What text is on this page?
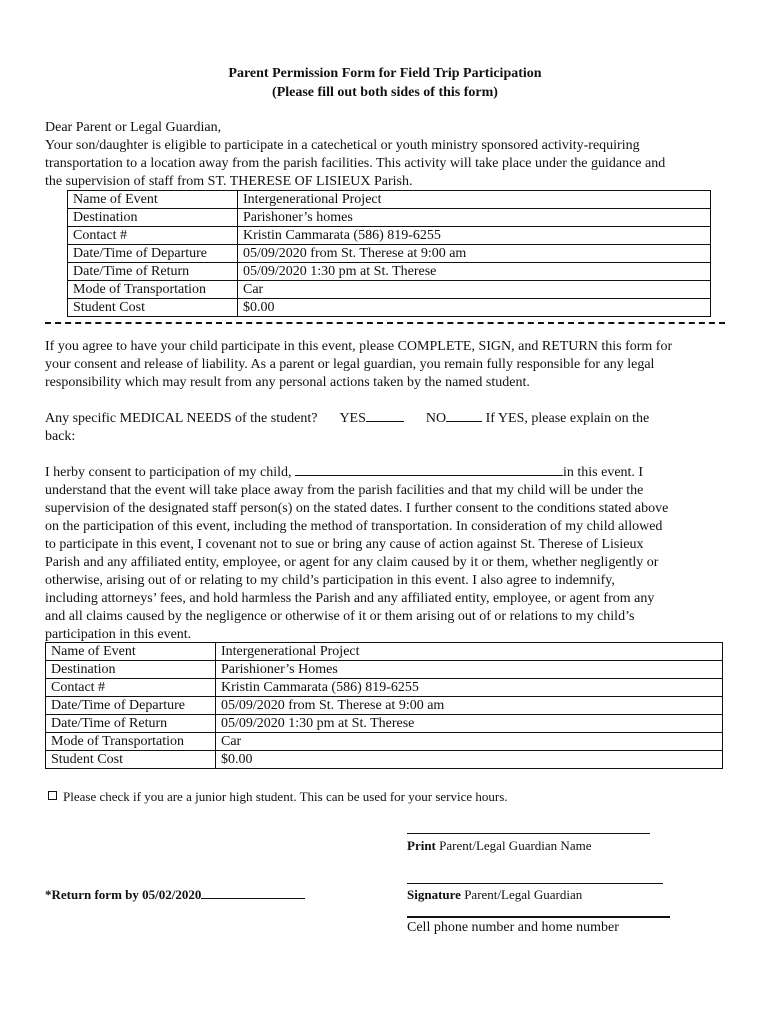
Parent Permission Form for Field Trip Participation
(Please fill out both sides of this form)
Dear Parent or Legal Guardian,
Your son/daughter is eligible to participate in a catechetical or youth ministry sponsored activity-requiring
transportation to a location away from the parish facilities. This activity will take place under the guidance and
the supervision of staff from ST. THERESE OF LISIEUX Parish.
Name of Event	Intergenerational Project
Destination	Parishoner’s homes
Contact #	Kristin Cammarata (586) 819-6255
Date/Time of Departure	05/09/2020 from St. Therese at 9:00 am
Date/Time of Return	05/09/2020 1:30 pm at St. Therese
Mode of Transportation	Car
Student Cost	$0.00
If you agree to have your child participate in this event, please COMPLETE, SIGN, and RETURN this form for
your consent and release of liability. As a parent or legal guardian, you remain fully responsible for any legal
responsibility which may result from any personal actions taken by the named student.
Any specific MEDICAL NEEDS of the student? YES	NO	If YES, please explain on the
back:
I herby consent to participation of my child,	in this event. I
understand that the event will take place away from the parish facilities and that my child will be under the
supervision of the designated staff person(s) on the stated dates. I further consent to the conditions stated above
on the participation of this event, including the method of transportation. In consideration of my child allowed
to participate in this event, I covenant not to sue or bring any cause of action against St. Therese of Lisieux
Parish and any affiliated entity, employee, or agent for any claim caused by it or them, whether negligently or
otherwise, arising out of or relating to my child’s participation in this event. I also agree to indemnify,
including attorneys’ fees, and hold harmless the Parish and any affiliated entity, employee, or agent from any
and all claims caused by the negligence or otherwise of it or them arising out of or relations to my child’s
participation in this event.
Name of Event	Intergenerational Project
Destination	Parishioner’s Homes
Contact #	Kristin Cammarata (586) 819-6255
Date/Time of Departure	05/09/2020 from St. Therese at 9:00 am
Date/Time of Return	05/09/2020 1:30 pm at St. Therese
Mode of Transportation	Car
Student Cost	$0.00
Please check if you are a junior high student. This can be used for your service hours.
Print Parent/Legal Guardian Name
Signature Parent/Legal Guardian
*Return form by 05/02/2020
Cell phone number and home number
